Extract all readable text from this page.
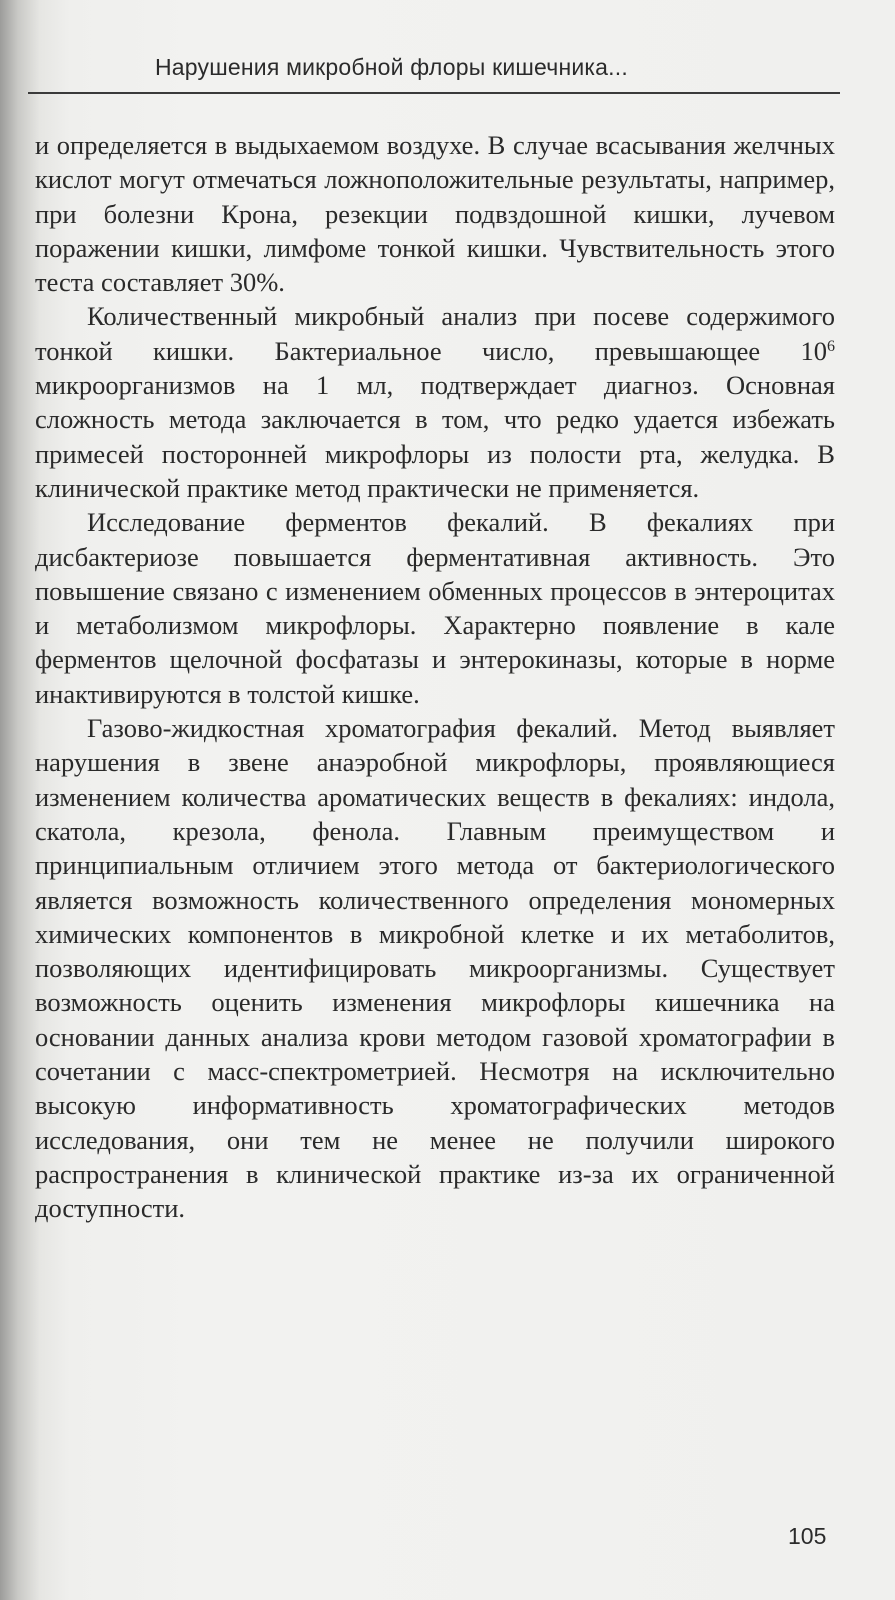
Нарушения микробной флоры кишечника...

и определяется в выдыхаемом воздухе. В случае всасывания желчных кислот могут отмечаться ложноположительные результаты, например, при болезни Крона, резекции подвздошной кишки, лучевом поражении кишки, лимфоме тонкой кишки. Чувствительность этого теста составляет 30%.

Количественный микробный анализ при посеве содержимого тонкой кишки. Бактериальное число, превышающее $10^6$ микроорганизмов на 1 мл, подтверждает диагноз. Основная сложность метода заключается в том, что редко удается избежать примесей посторонней микрофлоры из полости рта, желудка. В клинической практике метод практически не применяется.

Исследование ферментов фекалий. В фекалиях при дисбактериозе повышается ферментативная активность. Это повышение связано с изменением обменных процессов в энтероцитах и метаболизмом микрофлоры. Характерно появление в кале ферментов щелочной фосфатазы и энтерокиназы, которые в норме инактивируются в толстой кишке.

Газово-жидкостная хроматография фекалий. Метод выявляет нарушения в звене анаэробной микрофлоры, проявляющиеся изменением количества ароматических веществ в фекалиях: индола, скатола, крезола, фенола. Главным преимуществом и принципиальным отличием этого метода от бактериологического является возможность количественного определения мономерных химических компонентов в микробной клетке и их метаболитов, позволяющих идентифицировать микроорганизмы. Существует возможность оценить изменения микрофлоры кишечника на основании данных анализа крови методом газовой хроматографии в сочетании с масс-спектрометрией. Несмотря на исключительно высокую информативность хроматографических методов исследования, они тем не менее не получили широкого распространения в клинической практике из-за их ограниченной доступности.

105
